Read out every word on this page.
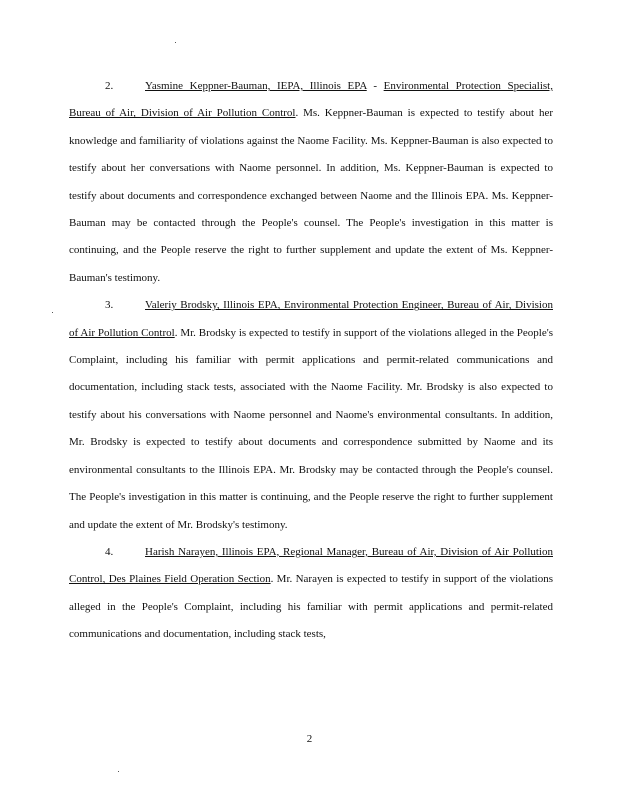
2.	Yasmine Keppner-Bauman, IEPA, Illinois EPA - Environmental Protection Specialist, Bureau of Air, Division of Air Pollution Control. Ms. Keppner-Bauman is expected to testify about her knowledge and familiarity of violations against the Naome Facility. Ms. Keppner-Bauman is also expected to testify about her conversations with Naome personnel. In addition, Ms. Keppner-Bauman is expected to testify about documents and correspondence exchanged between Naome and the Illinois EPA. Ms. Keppner-Bauman may be contacted through the People's counsel. The People's investigation in this matter is continuing, and the People reserve the right to further supplement and update the extent of Ms. Keppner-Bauman's testimony.

3.	Valeriy Brodsky, Illinois EPA, Environmental Protection Engineer, Bureau of Air, Division of Air Pollution Control. Mr. Brodsky is expected to testify in support of the violations alleged in the People's Complaint, including his familiar with permit applications and permit-related communications and documentation, including stack tests, associated with the Naome Facility. Mr. Brodsky is also expected to testify about his conversations with Naome personnel and Naome's environmental consultants. In addition, Mr. Brodsky is expected to testify about documents and correspondence submitted by Naome and its environmental consultants to the Illinois EPA. Mr. Brodsky may be contacted through the People's counsel. The People's investigation in this matter is continuing, and the People reserve the right to further supplement and update the extent of Mr. Brodsky's testimony.

4.	Harish Narayen, Illinois EPA, Regional Manager, Bureau of Air, Division of Air Pollution Control, Des Plaines Field Operation Section. Mr. Narayen is expected to testify in support of the violations alleged in the People's Complaint, including his familiar with permit applications and permit-related communications and documentation, including stack tests,

2
